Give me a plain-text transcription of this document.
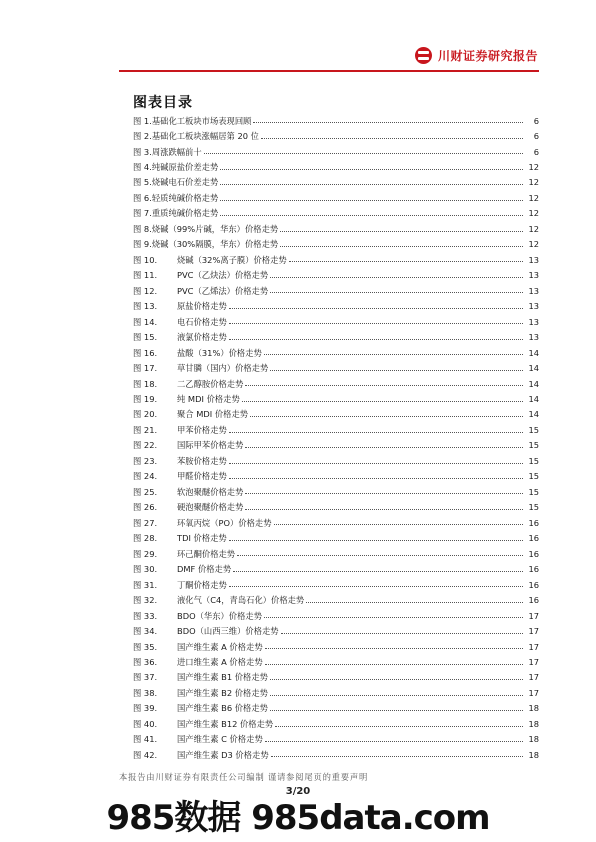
川财证券研究报告
图表目录
图 1. 基础化工板块市场表现回顾	6
图 2. 基础化工板块涨幅居第 20 位	6
图 3. 周涨跌幅前十	6
图 4. 纯碱原盐价差走势	12
图 5. 烧碱电石价差走势	12
图 6. 轻质纯碱价格走势	12
图 7. 重质纯碱价格走势	12
图 8. 烧碱（99%片碱，华东）价格走势	12
图 9. 烧碱（30%隔膜，华东）价格走势	12
图 10.	烧碱（32%离子膜）价格走势	13
图 11.	PVC（乙炔法）价格走势	13
图 12.	PVC（乙烯法）价格走势	13
图 13.	原盐价格走势	13
图 14.	电石价格走势	13
图 15.	液氯价格走势	13
图 16.	盐酸（31%）价格走势	14
图 17.	草甘膦（国内）价格走势	14
图 18.	二乙醇胺价格走势	14
图 19.	纯 MDI 价格走势	14
图 20.	聚合 MDI 价格走势	14
图 21.	甲苯价格走势	15
图 22.	国际甲苯价格走势	15
图 23.	苯胺价格走势	15
图 24.	甲醛价格走势	15
图 25.	软泡聚醚价格走势	15
图 26.	硬泡聚醚价格走势	15
图 27.	环氧丙烷（PO）价格走势	16
图 28.	TDI 价格走势	16
图 29.	环己酮价格走势	16
图 30.	DMF 价格走势	16
图 31.	丁酮价格走势	16
图 32.	液化气（C4，青岛石化）价格走势	16
图 33.	BDO（华东）价格走势	17
图 34.	BDO（山西三维）价格走势	17
图 35.	国产维生素 A 价格走势	17
图 36.	进口维生素 A 价格走势	17
图 37.	国产维生素 B1 价格走势	17
图 38.	国产维生素 B2 价格走势	17
图 39.	国产维生素 B6 价格走势	18
图 40.	国产维生素 B12 价格走势	18
图 41.	国产维生素 C 价格走势	18
图 42.	国产维生素 D3 价格走势	18
本报告由川财证券有限责任公司编制 谨请参阅尾页的重要声明
3/20
985数据 985data.com
